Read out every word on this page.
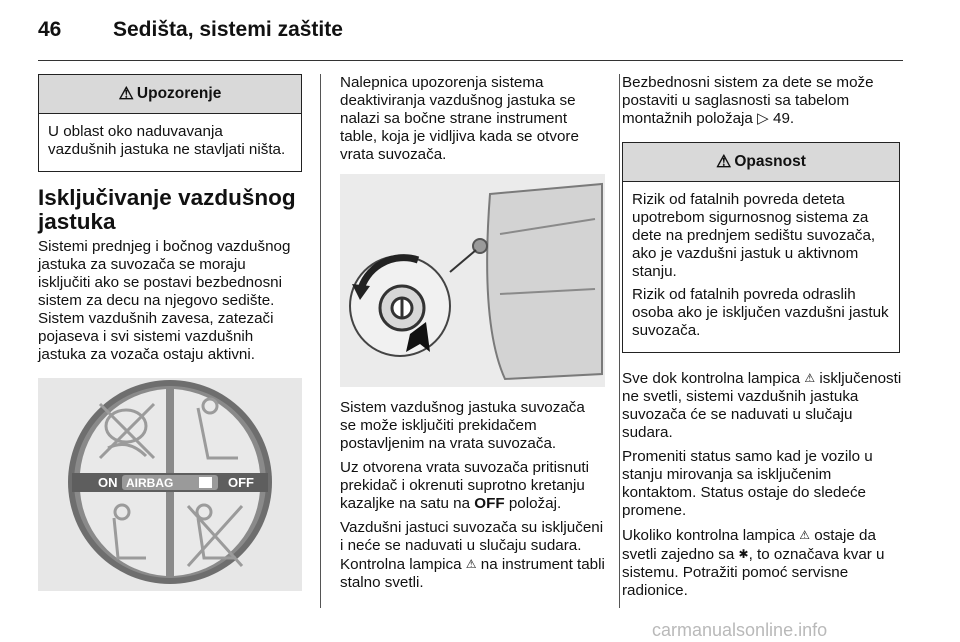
46 Sedišta, sistemi zaštite
⚠ Upozorenje

U oblast oko naduvavanja vazdušnih jastuka ne stavljati ništa.

Isključivanje vazdušnog jastuka

Sistemi prednjeg i bočnog vazdušnog jastuka za suvozača se moraju isključiti ako se postavi bezbednosni sistem za decu na njegovo sedište. Sistem vazdušnih zavesa, zatezači pojaseva i svi sistemi vazdušnih jastuka za vozača ostaju aktivni.

ON AIRBAG	OFF

Nalepnica upozorenja sistema deaktiviranja vazdušnog jastuka se nalazi sa bočne strane instrument table, koja je vidljiva kada se otvore vrata suvozača.

Sistem vazdušnog jastuka suvozača se može isključiti prekidačem postavljenim na vrata suvozača.

Uz otvorena vrata suvozača pritisnuti prekidač i okrenuti suprotno kretanju kazaljke na satu na OFF položaj.

Vazdušni jastuci suvozača su isključeni i neće se naduvati u slučaju sudara. Kontrolna lampica ⚠ na instrument tabli stalno svetli.

Bezbednosni sistem za dete se može postaviti u saglasnosti sa tabelom montažnih položaja ▷ 49.

⚠ Opasnost

Rizik od fatalnih povreda deteta upotrebom sigurnosnog sistema za dete na prednjem sedištu suvozača, ako je vazdušni jastuk u aktivnom stanju.

Rizik od fatalnih povreda odraslih osoba ako je isključen vazdušni jastuk suvozača.

Sve dok kontrolna lampica ⚠ isključenosti ne svetli, sistemi vazdušnih jastuka suvozača će se naduvati u slučaju sudara.

Promeniti status samo kad je vozilo u stanju mirovanja sa isključenim kontaktom. Status ostaje do sledeće promene.

Ukoliko kontrolna lampica ⚠ ostaje da svetli zajedno sa ✱, to označava kvar u sistemu. Potražiti pomoć servisne radionice.

carmanualsonline.info
